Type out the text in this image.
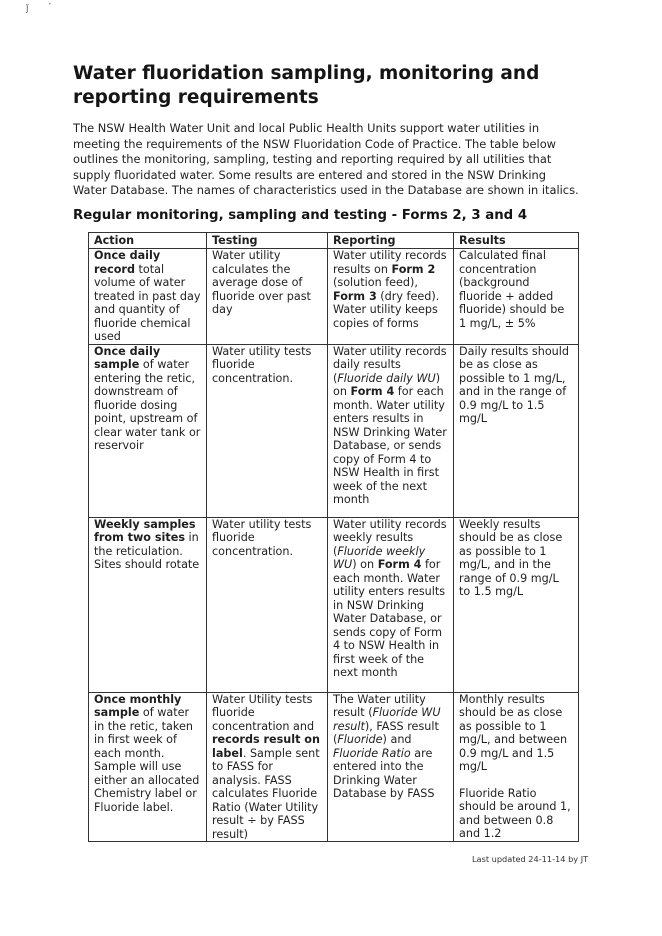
ǰ	•
Water fluoridation sampling, monitoring and reporting requirements

The NSW Health Water Unit and local Public Health Units support water utilities in meeting the requirements of the NSW Fluoridation Code of Practice. The table below outlines the monitoring, sampling, testing and reporting required by all utilities that supply fluoridated water. Some results are entered and stored in the NSW Drinking Water Database. The names of characteristics used in the Database are shown in italics.

Regular monitoring, sampling and testing - Forms 2, 3 and 4
Action	Testing	Reporting	Results
Once daily record total volume of water treated in past day and quantity of fluoride chemical used	Water utility calculates the average dose of fluoride over past day	Water utility records results on Form 2 (solution feed), Form 3 (dry feed). Water utility keeps copies of forms	Calculated final concentration (background fluoride + added fluoride) should be 1 mg/L, ± 5%
Once daily sample of water entering the retic, downstream of fluoride dosing point, upstream of clear water tank or reservoir	Water utility tests fluoride concentration.	Water utility records daily results (Fluoride daily WU) on Form 4 for each month. Water utility enters results in NSW Drinking Water Database, or sends copy of Form 4 to NSW Health in first week of the next month	Daily results should be as close as possible to 1 mg/L, and in the range of 0.9 mg/L to 1.5 mg/L
Weekly samples from two sites in the reticulation. Sites should rotate	Water utility tests fluoride concentration.	Water utility records weekly results (Fluoride weekly WU) on Form 4 for each month. Water utility enters results in NSW Drinking Water Database, or sends copy of Form 4 to NSW Health in first week of the next month	Weekly results should be as close as possible to 1 mg/L, and in the range of 0.9 mg/L to 1.5 mg/L
Once monthly sample of water in the retic, taken in first week of each month. Sample will use either an allocated Chemistry label or Fluoride label.	Water Utility tests fluoride concentration and records result on label. Sample sent to FASS for analysis. FASS calculates Fluoride Ratio (Water Utility result ÷ by FASS result)	The Water utility result (Fluoride WU result), FASS result (Fluoride) and Fluoride Ratio are entered into the Drinking Water Database by FASS	Monthly results should be as close as possible to 1 mg/L, and between 0.9 mg/L and 1.5 mg/L
Fluoride Ratio should be around 1, and between 0.8 and 1.2
Last updated 24-11-14 by JT
